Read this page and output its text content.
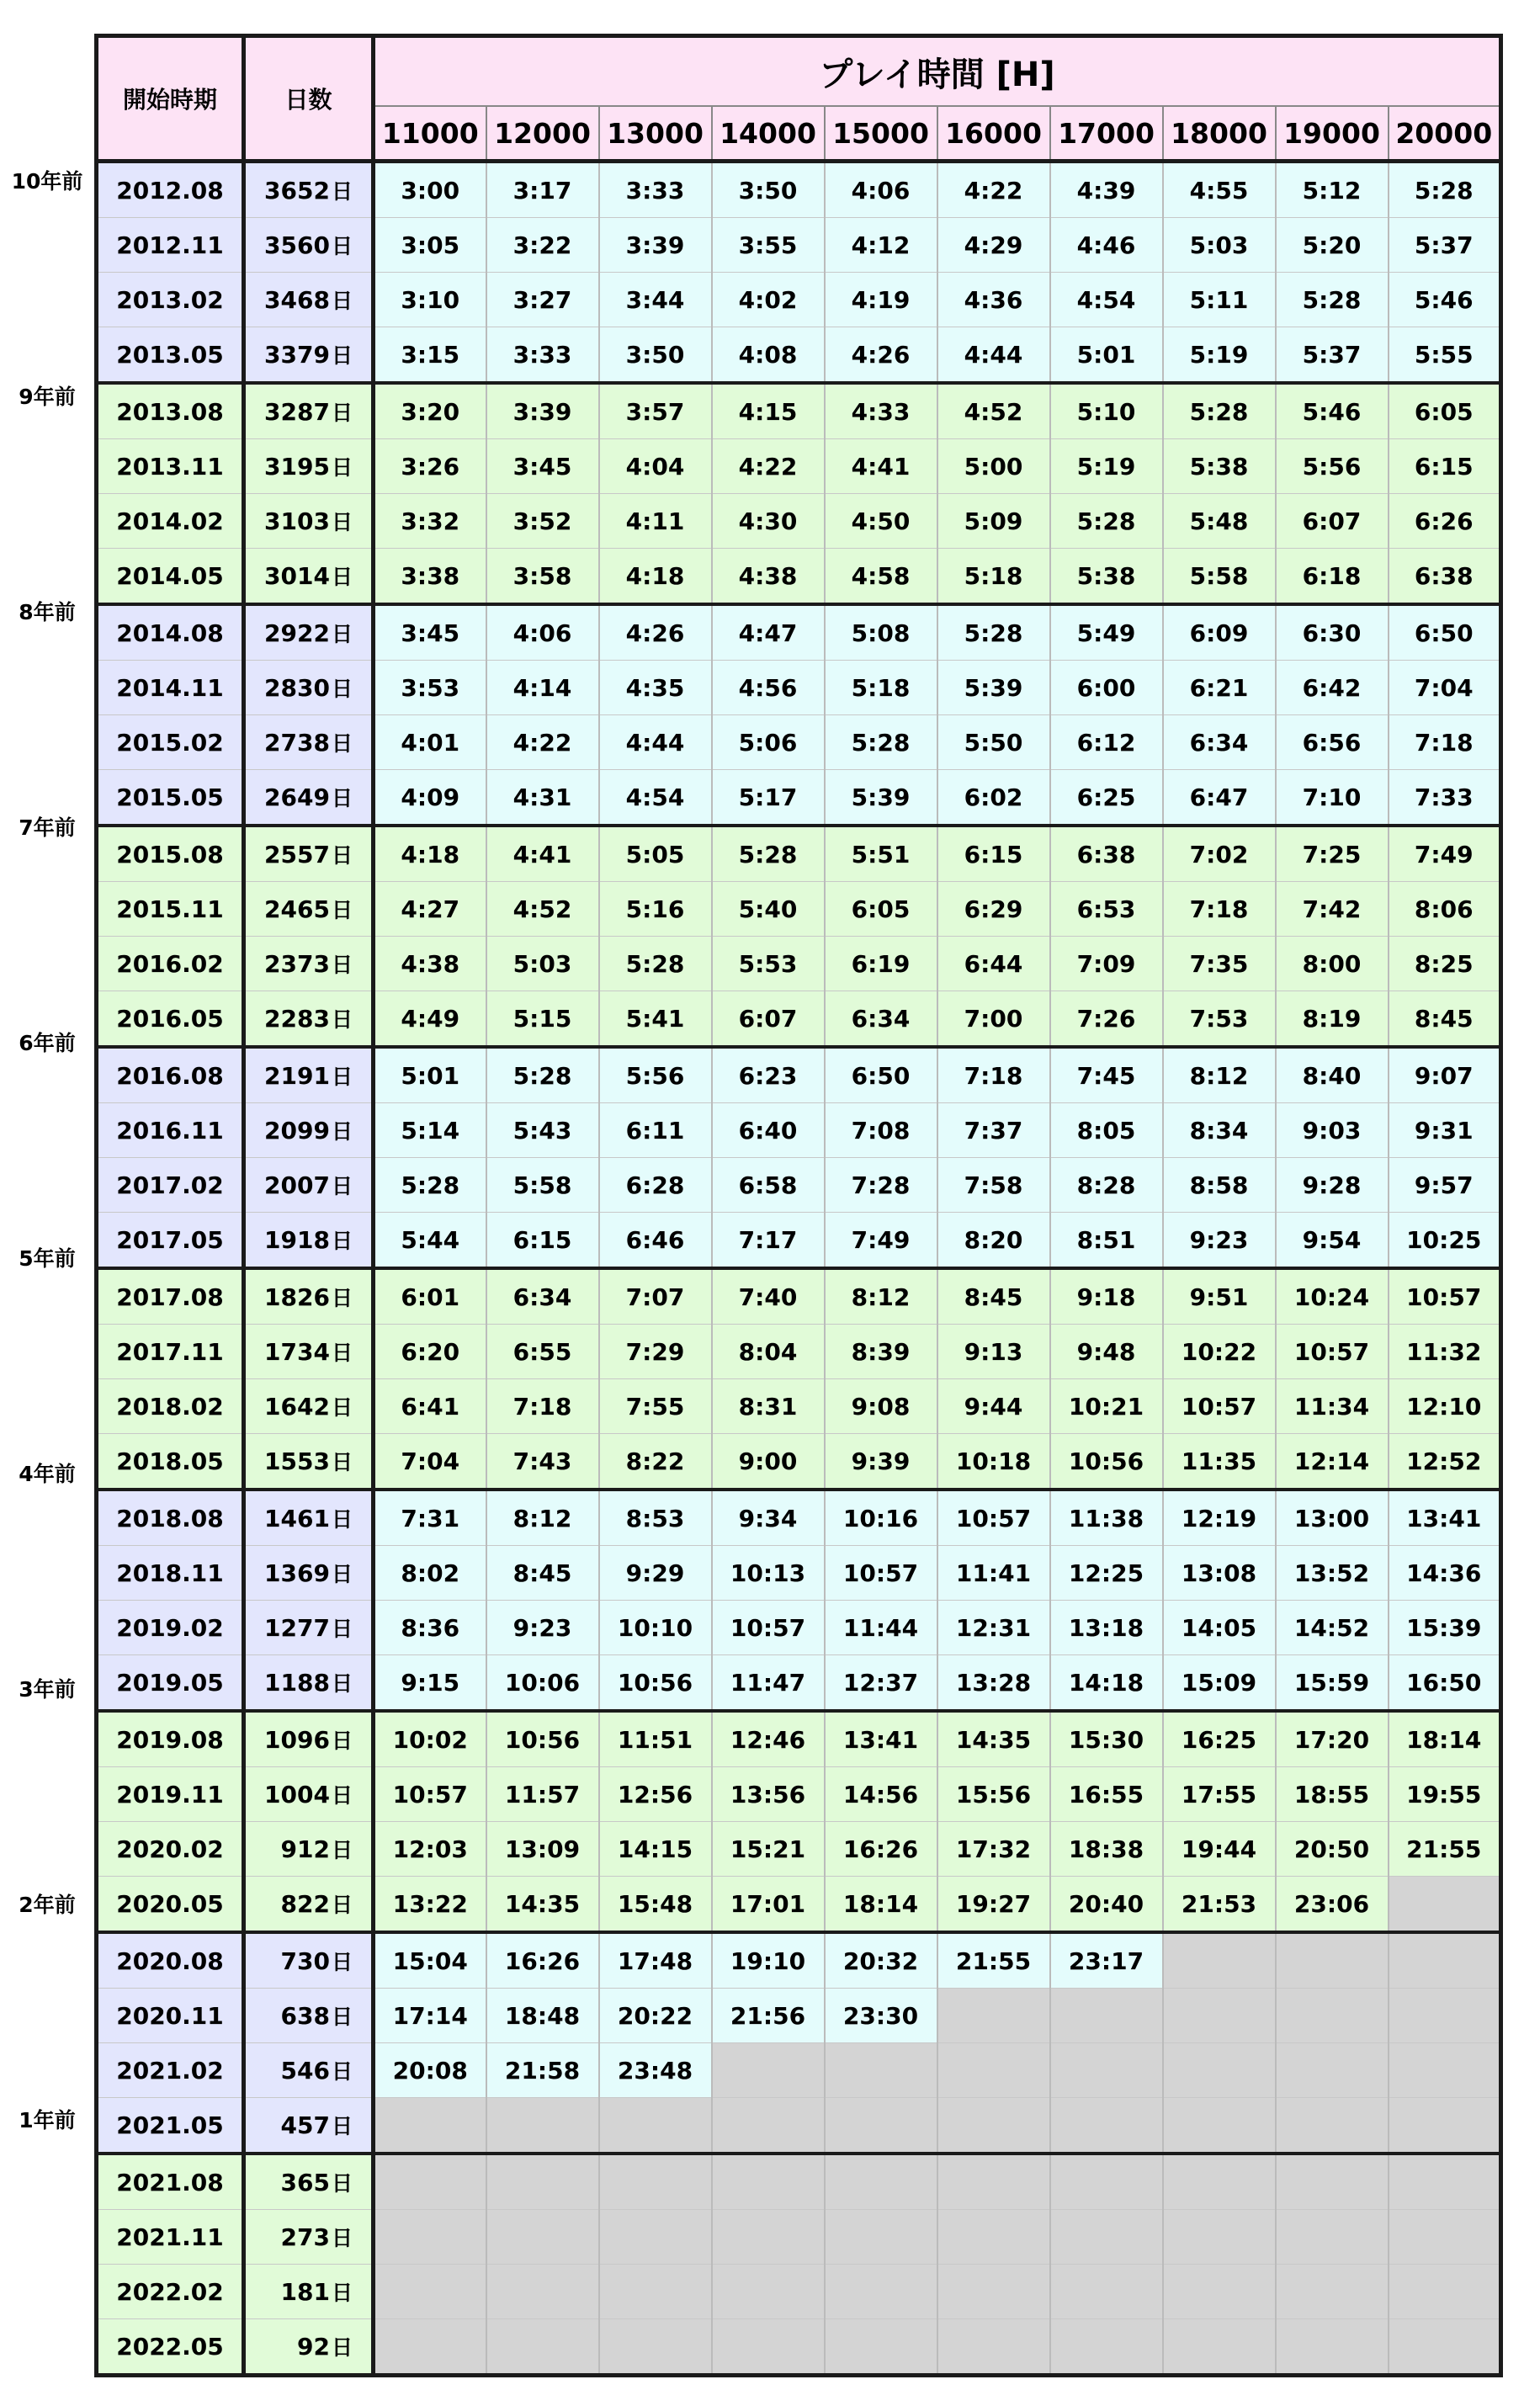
10年前
9年前
8年前
7年前
6年前
5年前
4年前
3年前
2年前
1年前
開始時期	日数	プレイ時間 [H]									
		11000	12000	13000	14000	15000	16000	17000	18000	19000	20000
2012.08	3652日	3:00	3:17	3:33	3:50	4:06	4:22	4:39	4:55	5:12	5:28
2012.11	3560日	3:05	3:22	3:39	3:55	4:12	4:29	4:46	5:03	5:20	5:37
2013.02	3468日	3:10	3:27	3:44	4:02	4:19	4:36	4:54	5:11	5:28	5:46
2013.05	3379日	3:15	3:33	3:50	4:08	4:26	4:44	5:01	5:19	5:37	5:55
2013.08	3287日	3:20	3:39	3:57	4:15	4:33	4:52	5:10	5:28	5:46	6:05
2013.11	3195日	3:26	3:45	4:04	4:22	4:41	5:00	5:19	5:38	5:56	6:15
2014.02	3103日	3:32	3:52	4:11	4:30	4:50	5:09	5:28	5:48	6:07	6:26
2014.05	3014日	3:38	3:58	4:18	4:38	4:58	5:18	5:38	5:58	6:18	6:38
2014.08	2922日	3:45	4:06	4:26	4:47	5:08	5:28	5:49	6:09	6:30	6:50
2014.11	2830日	3:53	4:14	4:35	4:56	5:18	5:39	6:00	6:21	6:42	7:04
2015.02	2738日	4:01	4:22	4:44	5:06	5:28	5:50	6:12	6:34	6:56	7:18
2015.05	2649日	4:09	4:31	4:54	5:17	5:39	6:02	6:25	6:47	7:10	7:33
2015.08	2557日	4:18	4:41	5:05	5:28	5:51	6:15	6:38	7:02	7:25	7:49
2015.11	2465日	4:27	4:52	5:16	5:40	6:05	6:29	6:53	7:18	7:42	8:06
2016.02	2373日	4:38	5:03	5:28	5:53	6:19	6:44	7:09	7:35	8:00	8:25
2016.05	2283日	4:49	5:15	5:41	6:07	6:34	7:00	7:26	7:53	8:19	8:45
2016.08	2191日	5:01	5:28	5:56	6:23	6:50	7:18	7:45	8:12	8:40	9:07
2016.11	2099日	5:14	5:43	6:11	6:40	7:08	7:37	8:05	8:34	9:03	9:31
2017.02	2007日	5:28	5:58	6:28	6:58	7:28	7:58	8:28	8:58	9:28	9:57
2017.05	1918日	5:44	6:15	6:46	7:17	7:49	8:20	8:51	9:23	9:54	10:25
2017.08	1826日	6:01	6:34	7:07	7:40	8:12	8:45	9:18	9:51	10:24	10:57
2017.11	1734日	6:20	6:55	7:29	8:04	8:39	9:13	9:48	10:22	10:57	11:32
2018.02	1642日	6:41	7:18	7:55	8:31	9:08	9:44	10:21	10:57	11:34	12:10
2018.05	1553日	7:04	7:43	8:22	9:00	9:39	10:18	10:56	11:35	12:14	12:52
2018.08	1461日	7:31	8:12	8:53	9:34	10:16	10:57	11:38	12:19	13:00	13:41
2018.11	1369日	8:02	8:45	9:29	10:13	10:57	11:41	12:25	13:08	13:52	14:36
2019.02	1277日	8:36	9:23	10:10	10:57	11:44	12:31	13:18	14:05	14:52	15:39
2019.05	1188日	9:15	10:06	10:56	11:47	12:37	13:28	14:18	15:09	15:59	16:50
2019.08	1096日	10:02	10:56	11:51	12:46	13:41	14:35	15:30	16:25	17:20	18:14
2019.11	1004日	10:57	11:57	12:56	13:56	14:56	15:56	16:55	17:55	18:55	19:55
2020.02	912日	12:03	13:09	14:15	15:21	16:26	17:32	18:38	19:44	20:50	21:55
2020.05	822日	13:22	14:35	15:48	17:01	18:14	19:27	20:40	21:53	23:06	
2020.08	730日	15:04	16:26	17:48	19:10	20:32	21:55	23:17			
2020.11	638日	17:14	18:48	20:22	21:56	23:30					
2021.02	546日	20:08	21:58	23:48							
2021.05	457日										
2021.08	365日										
2021.11	273日										
2022.02	181日										
2022.05	92日										
